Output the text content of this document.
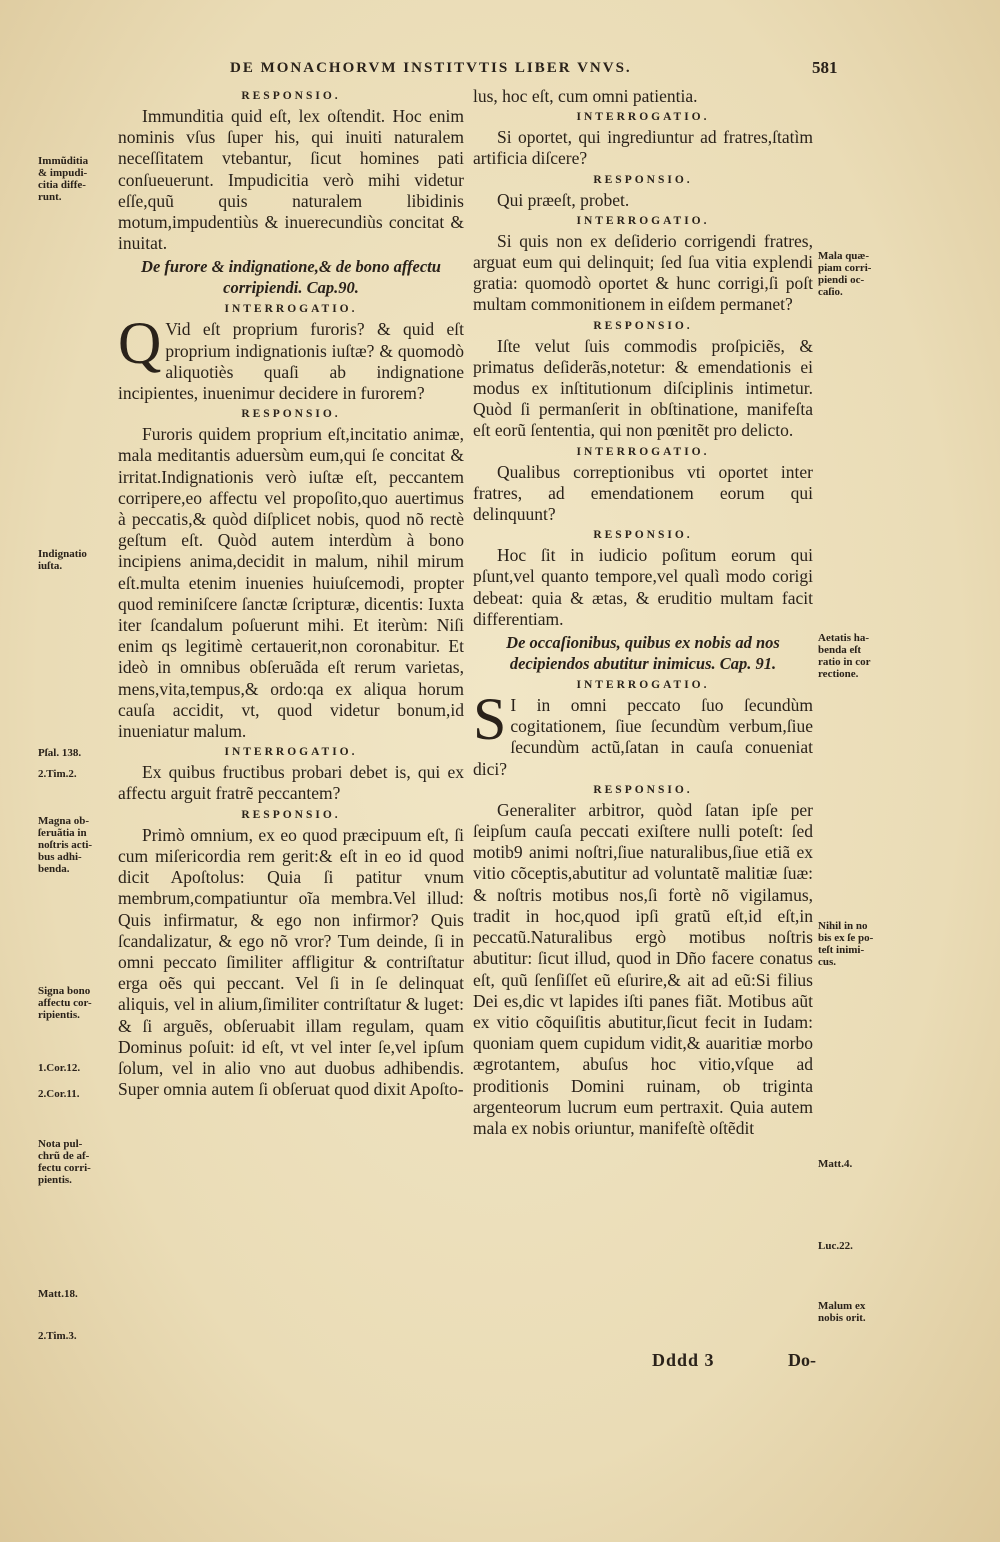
DE MONACHORVM INSTITVTIS LIBER VNVS.	581
RESPONSIO.

Immunditia quid eſt, lex oſtendit. Hoc enim nominis vſus ſuper his, qui inuiti naturalem neceſſitatem vtebantur, ſicut homines pati conſueuerunt. Impudicitia verò mihi videtur eſſe,quũ quis naturalem libidinis motum,impudentiùs & inuerecundiùs concitat & inuitat.

De furore & indignatione,& de bono affectu corripiendi. Cap.90.
INTERROGATIO.

QVid eſt proprium furoris? & quid eſt proprium indignationis iuſtæ? & quomodò aliquotiès quaſi ab indignatione incipientes, inuenimur decidere in furorem?

RESPONSIO.

Furoris quidem proprium eſt,incitatio animæ, mala meditantis aduersùm eum,qui ſe concitat & irritat.Indignationis verò iuſtæ eſt, peccantem corripere,eo affectu vel propoſito,quo auertimus à peccatis,& quòd diſplicet nobis, quod nõ rectè geſtum eſt. Quòd autem interdùm à bono incipiens anima,decidit in malum, nihil mirum eſt.multa etenim inuenies huiuſcemodi, propter quod reminiſcere ſanctæ ſcripturæ, dicentis: Iuxta iter ſcandalum poſuerunt mihi. Et iterùm: Niſi enim qs legitimè certauerit,non coronabitur. Et ideò in omnibus obſeruãda eſt rerum varietas, mens,vita,tempus,& ordo:qa ex aliqua horum cauſa accidit, vt, quod videtur bonum,id inueniatur malum.

INTERROGATIO.

Ex quibus fructibus probari debet is, qui ex affectu arguit fratrẽ peccantem?

RESPONSIO.

Primò omnium, ex eo quod præcipuum eſt, ſi cum miſericordia rem gerit:& eſt in eo id quod dicit Apoſtolus: Quia ſi patitur vnum membrum,compatiuntur oĩa membra.Vel illud: Quis infirmatur, & ego non infirmor? Quis ſcandalizatur, & ego nõ vror? Tum deinde, ſi in omni peccato ſimiliter affligitur & contriſtatur erga oẽs qui peccant. Vel ſi in ſe delinquat aliquis, vel in alium,ſimiliter contriſtatur & luget: & ſi arguẽs, obſeruabit illam regulam, quam Dominus poſuit: id eſt, vt vel inter ſe,vel ipſum ſolum, vel in alio vno aut duobus adhibendis. Super omnia autem ſi obſeruat quod dixit Apoſto-

lus, hoc eſt, cum omni patientia.

INTERROGATIO.

Si oportet, qui ingrediuntur ad fratres,ſtatìm artificia diſcere?

RESPONSIO.

Qui præeſt, probet.

INTERROGATIO.

Si quis non ex deſiderio corrigendi fratres, arguat eum qui delinquit; ſed ſua vitia explendi gratia: quomodò oportet & hunc corrigi,ſi poſt multam commonitionem in eiſdem permanet?

RESPONSIO.

Iſte velut ſuis commodis proſpiciẽs, & primatus deſiderãs,notetur: & emendationis ei modus ex inſtitutionum diſciplinis intimetur. Quòd ſi permanſerit in obſtinatione, manifeſta eſt eorũ ſententia, qui non pœnitẽt pro delicto.

INTERROGATIO.

Qualibus correptionibus vti oportet inter fratres, ad emendationem eorum qui delinquunt?

RESPONSIO.

Hoc ſit in iudicio poſitum eorum qui pſunt,vel quanto tempore,vel qualì modo corigi debeat: quia & ætas, & eruditio multam facit differentiam.

De occaſionibus, quibus ex nobis ad nos decipiendos abutitur inimicus. Cap. 91.
INTERROGATIO.

SI in omni peccato ſuo ſecundùm cogitationem, ſiue ſecundùm verbum,ſiue ſecundùm actũ,ſatan in cauſa conueniat dici?

RESPONSIO.

Generaliter arbitror, quòd ſatan ipſe per ſeipſum cauſa peccati exiſtere nulli poteſt: ſed motib9 animi noſtri,ſiue naturalibus,ſiue etiã ex vitio cõceptis,abutitur ad voluntatẽ malitiæ ſuæ: & noſtris motibus nos,ſi fortè nõ vigilamus, tradit in hoc,quod ipſi gratũ eſt,id eſt,in peccatũ.Naturalibus ergò motibus noſtris abutitur: ſicut illud, quod in Dño facere conatus eſt, quũ ſenſiſſet eũ eſurire,& ait ad eũ:Si filius Dei es,dic vt lapides iſti panes fiãt. Motibus aũt ex vitio cõquiſitis abutitur,ſicut fecit in Iudam: quoniam quem cupidum vidit,& auaritiæ morbo ægrotantem, abuſus hoc vitio,vſque ad proditionis Domini ruinam, ob triginta argenteorum lucrum eum pertraxit. Quia autem mala ex nobis oriuntur, manifeſtè oſtẽdit

Immũditia
& impudi-
citia diffe-
runt.
Indignatio
iuſta.
Pſal. 138.
2.Tim.2.
Magna ob-
ſeruãtia in
noſtris acti-
bus adhi-
benda.
Signa bono
affectu cor-
ripientis.
1.Cor.12.
2.Cor.11.
Nota pul-
chrũ de af-
fectu corri-
pientis.
Matt.18.
2.Tim.3.
Mala quæ-
piam corri-
piendi oc-
caſio.
Aetatis ha-
benda eſt
ratio in cor
rectione.
Nihil in no
bis ex ſe po-
teſt inimi-
cus.
Matt.4.
Luc.22.
Malum ex
nobis orit.
Dddd 3	Do-
